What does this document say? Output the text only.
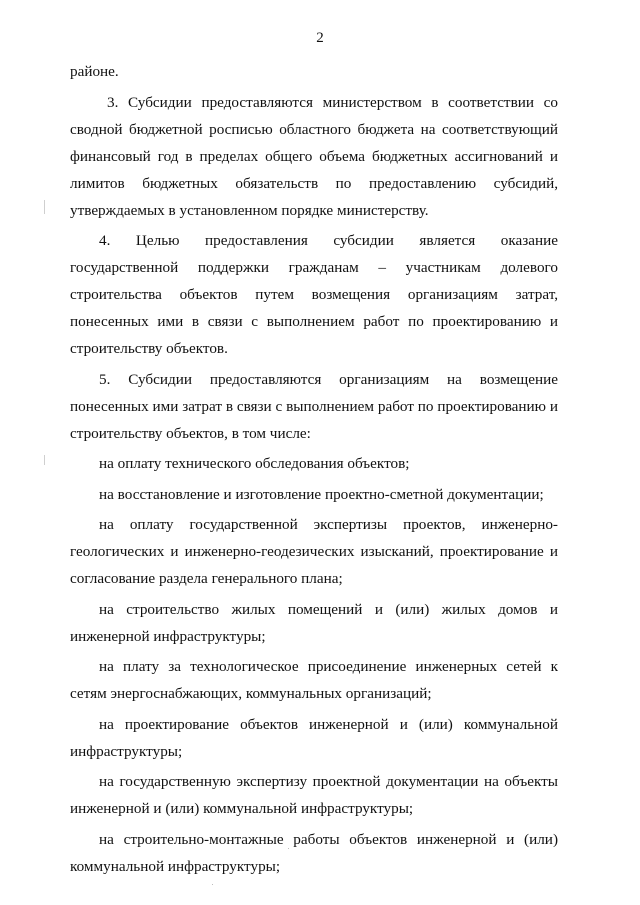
2

районе.

3. Субсидии предоставляются министерством в соответствии со сводной бюджетной росписью областного бюджета на соответствующий финансовый год в пределах общего объема бюджетных ассигнований и лимитов бюджетных обязательств по предоставлению субсидий, утверждаемых в установленном порядке министерству.

4. Целью предоставления субсидии является оказание государственной поддержки гражданам – участникам долевого строительства объектов путем возмещения организациям затрат, понесенных ими в связи с выполнением работ по проектированию и строительству объектов.

5. Субсидии предоставляются организациям на возмещение понесенных ими затрат в связи с выполнением работ по проектированию и строительству объектов, в том числе:

на оплату технического обследования объектов;

на восстановление и изготовление проектно-сметной документации;

на оплату государственной экспертизы проектов, инженерно-геологических и инженерно-геодезических изысканий, проектирование и согласование раздела генерального плана;

на строительство жилых помещений и (или) жилых домов и инженерной инфраструктуры;

на плату за технологическое присоединение инженерных сетей к сетям энергоснабжающих, коммунальных организаций;

на проектирование объектов инженерной и (или) коммунальной инфраструктуры;

на государственную экспертизу проектной документации на объекты инженерной и (или) коммунальной инфраструктуры;

на строительно-монтажные работы объектов инженерной и (или) коммунальной инфраструктуры;
